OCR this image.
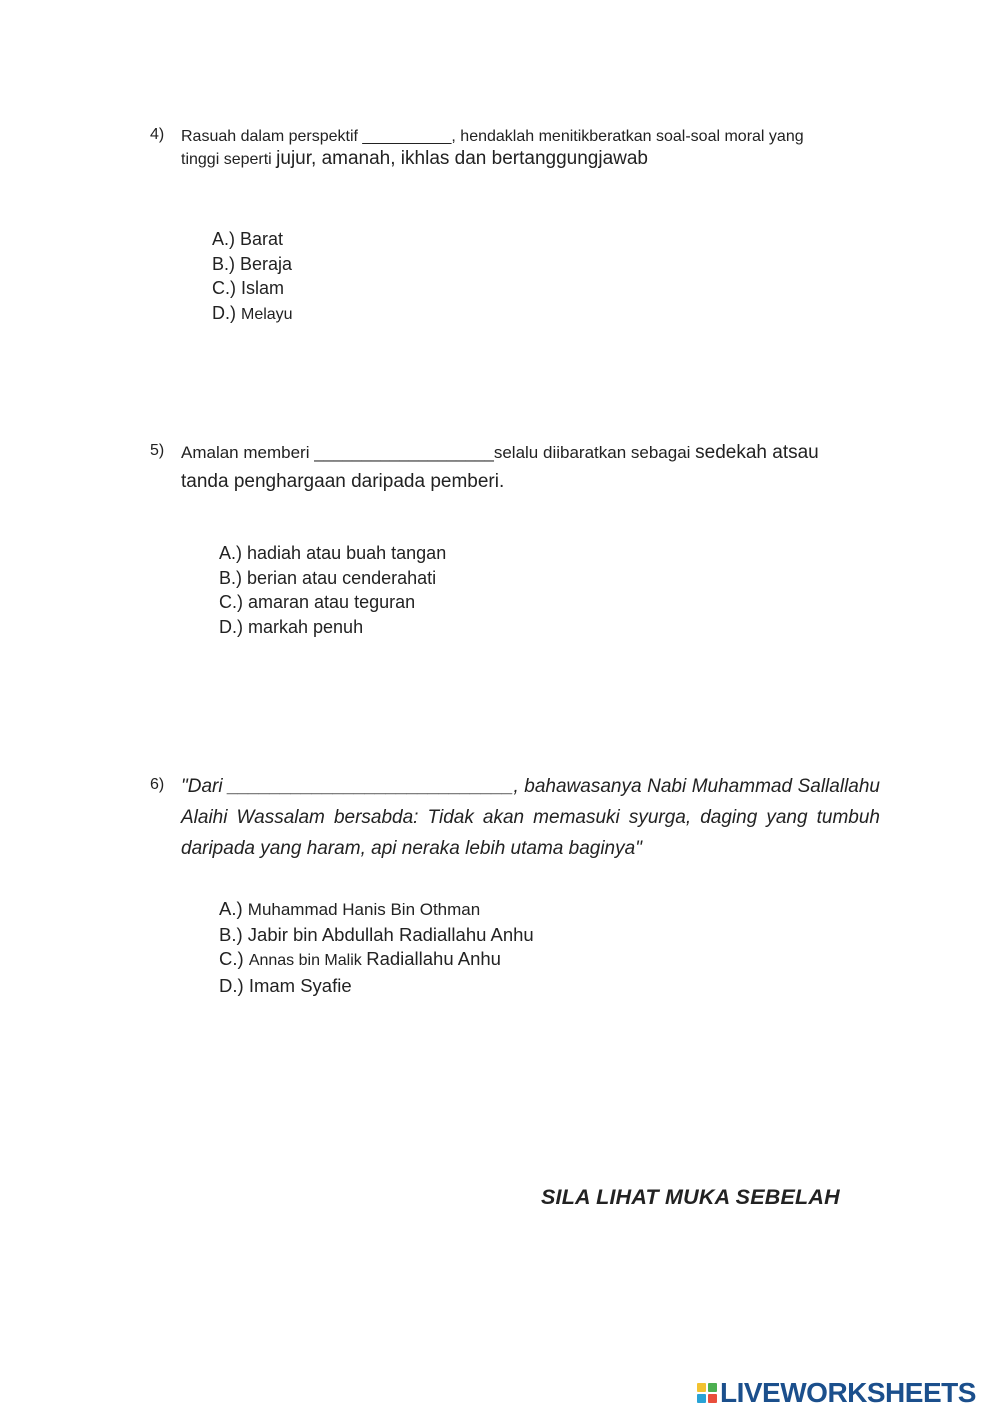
4) Rasuah dalam perspektif __________, hendaklah menitikberatkan soal-soal moral yang
tinggi seperti jujur, amanah, ikhlas dan bertanggungjawab
A.) Barat
B.) Beraja
C.) Islam
D.) Melayu
5) Amalan memberi ___________________selalu diibaratkan sebagai sedekah atsau
tanda penghargaan daripada pemberi.
A.) hadiah atau buah tangan
B.) berian atau cenderahati
C.) amaran atau teguran
D.) markah penuh
6) "Dari ___________________________, bahawasanya Nabi Muhammad Sallallahu Alaihi Wassalam bersabda: Tidak akan memasuki syurga, daging yang tumbuh daripada yang haram, api neraka lebih utama baginya"
A.) Muhammad Hanis Bin Othman
B.) Jabir bin Abdullah Radiallahu Anhu
C.) Annas bin Malik Radiallahu Anhu
D.) Imam Syafie
SILA LIHAT MUKA SEBELAH
LIVEWORKSHEETS
